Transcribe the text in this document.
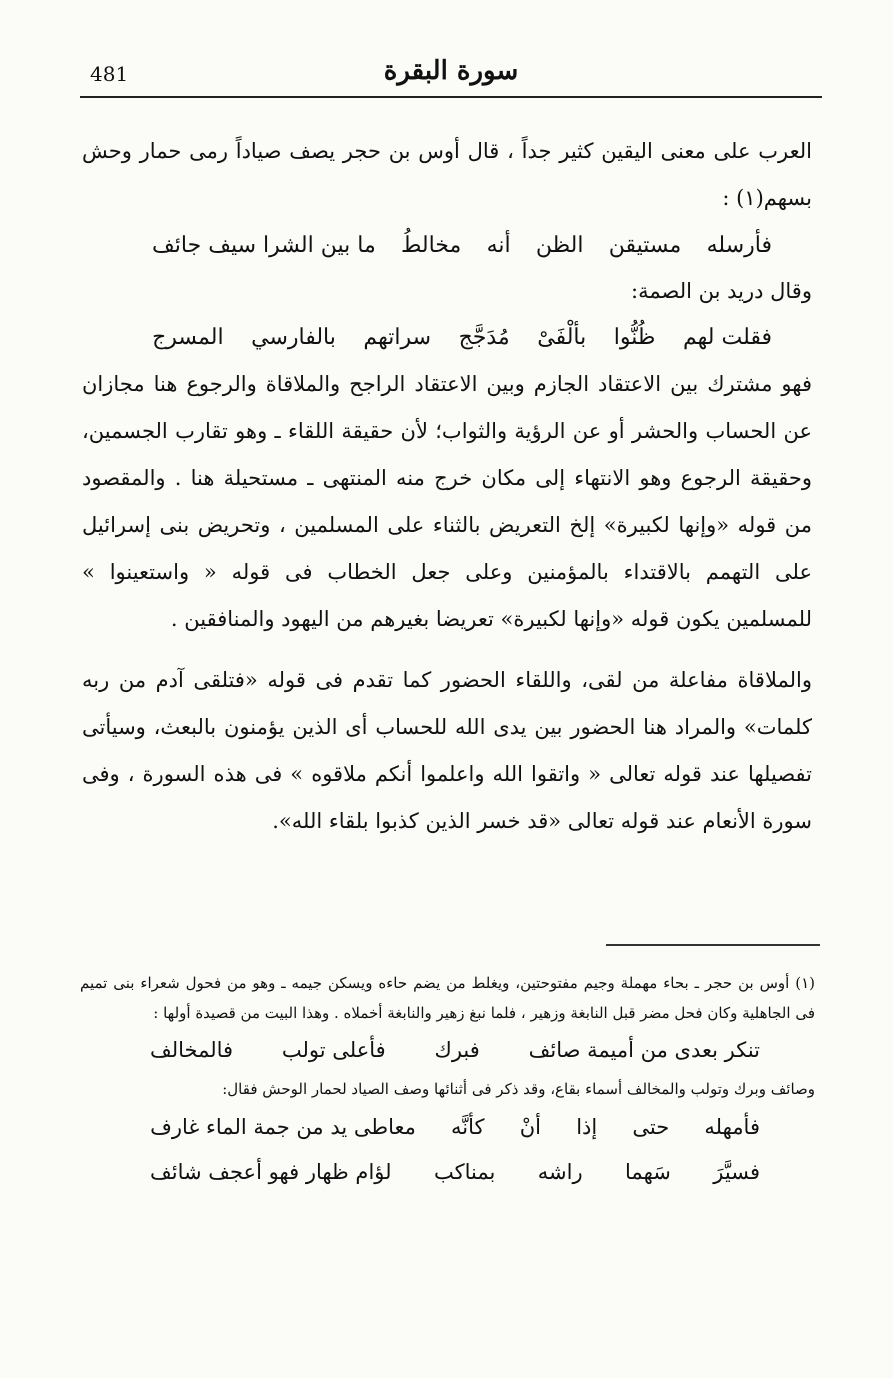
481	سورة البقرة

العرب على معنى اليقين كثير جداً ، قال أوس بن حجر يصف صياداً رمى حمار وحش بسهم(١) :

فأرسله
مستيقن
الظن
أنه
مخالطُ
ما بين الشرا سيف جائف

وقال دريد بن الصمة:

فقلت لهم
ظُنُّوا
بألْفَىْ
مُدَجَّج
سراتهم
بالفارسي
المسرج

فهو مشترك بين الاعتقاد الجازم وبين الاعتقاد الراجح والملاقاة والرجوع هنا مجازان عن الحساب والحشر أو عن الرؤية والثواب؛ لأن حقيقة اللقاء ـ وهو تقارب الجسمين، وحقيقة الرجوع وهو الانتهاء إلى مكان خرج منه المنتهى ـ مستحيلة هنا . والمقصود من قوله «وإنها لكبيرة» إلخ التعريض بالثناء على المسلمين ، وتحريض بنى إسرائيل على التهمم بالاقتداء بالمؤمنين وعلى جعل الخطاب فى قوله « واستعينوا » للمسلمين يكون قوله «وإنها لكبيرة» تعريضا بغيرهم من اليهود والمنافقين .

والملاقاة مفاعلة من لقى، واللقاء الحضور كما تقدم فى قوله «فتلقى آدم من ربه كلمات» والمراد هنا الحضور بين يدى الله للحساب أى الذين يؤمنون بالبعث، وسيأتى تفصيلها عند قوله تعالى « واتقوا الله واعلموا أنكم ملاقوه » فى هذه السورة ، وفى سورة الأنعام عند قوله تعالى «قد خسر الذين كذبوا بلقاء الله».

(١) أوس بن حجر ـ بحاء مهملة وجيم مفتوحتين، ويغلط من يضم حاءه ويسكن جيمه ـ وهو من فحول شعراء بنى تميم فى الجاهلية وكان فحل مضر قبل النابغة وزهير ، فلما نبغ زهير والنابغة أخملاه . وهذا البيت من قصيدة أولها :

تنكر بعدى من أميمة صائف
فبرك
فأعلى تولب
فالمخالف

وصائف وبرك وتولب والمخالف أسماء بقاع، وقد ذكر فى أثنائها وصف الصياد لحمار الوحش فقال:

فأمهله
حتى
إذا
أنْ
كأنَّه
معاطى يد من جمة الماء غارف
فسيَّرَ
سَهما
راشه
بمناكب
لؤام ظهار فهو أعجف شائف
